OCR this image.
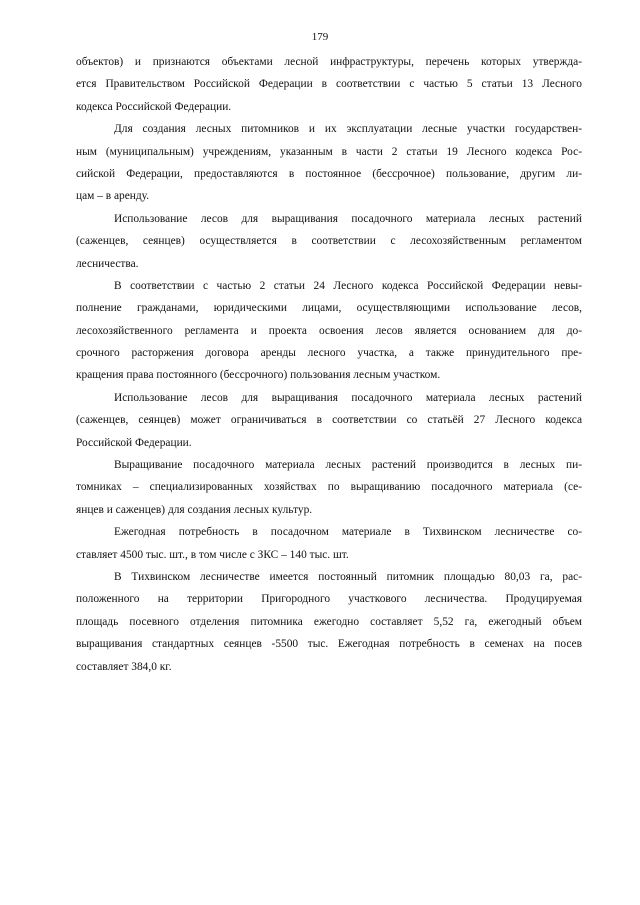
179
объектов) и признаются объектами лесной инфраструктуры, перечень которых утвержда-
ется Правительством Российской Федерации в соответствии с частью 5 статьи 13 Лесного
кодекса Российской Федерации.
Для создания лесных питомников и их эксплуатации лесные участки государствен-
ным (муниципальным) учреждениям, указанным в части 2 статьи 19 Лесного кодекса Рос-
сийской Федерации, предоставляются в постоянное (бессрочное) пользование, другим ли-
цам – в аренду.
Использование лесов для выращивания посадочного материала лесных растений
(саженцев, сеянцев) осуществляется в соответствии с лесохозяйственным регламентом
лесничества.
В соответствии с частью 2 статьи 24 Лесного кодекса Российской Федерации невы-
полнение гражданами, юридическими лицами, осуществляющими использование лесов,
лесохозяйственного регламента и проекта освоения лесов является основанием для до-
срочного расторжения договора аренды лесного участка, а также принудительного пре-
кращения права постоянного (бессрочного) пользования лесным участком.
Использование лесов для выращивания посадочного материала лесных растений
(саженцев, сеянцев) может ограничиваться в соответствии со статьёй 27 Лесного кодекса
Российской Федерации.
Выращивание посадочного материала лесных растений производится в лесных пи-
томниках – специализированных хозяйствах по выращиванию посадочного материала (се-
янцев и саженцев) для создания лесных культур.
Ежегодная потребность в посадочном материале в Тихвинском лесничестве со-
ставляет 4500 тыс. шт., в том числе с ЗКС – 140 тыс. шт.
В Тихвинском лесничестве имеется постоянный питомник площадью 80,03 га, рас-
положенного на территории Пригородного участкового лесничества. Продуцируемая
площадь посевного отделения питомника ежегодно составляет 5,52 га, ежегодный объем
выращивания стандартных сеянцев -5500 тыс. Ежегодная потребность в семенах на посев
составляет 384,0 кг.
